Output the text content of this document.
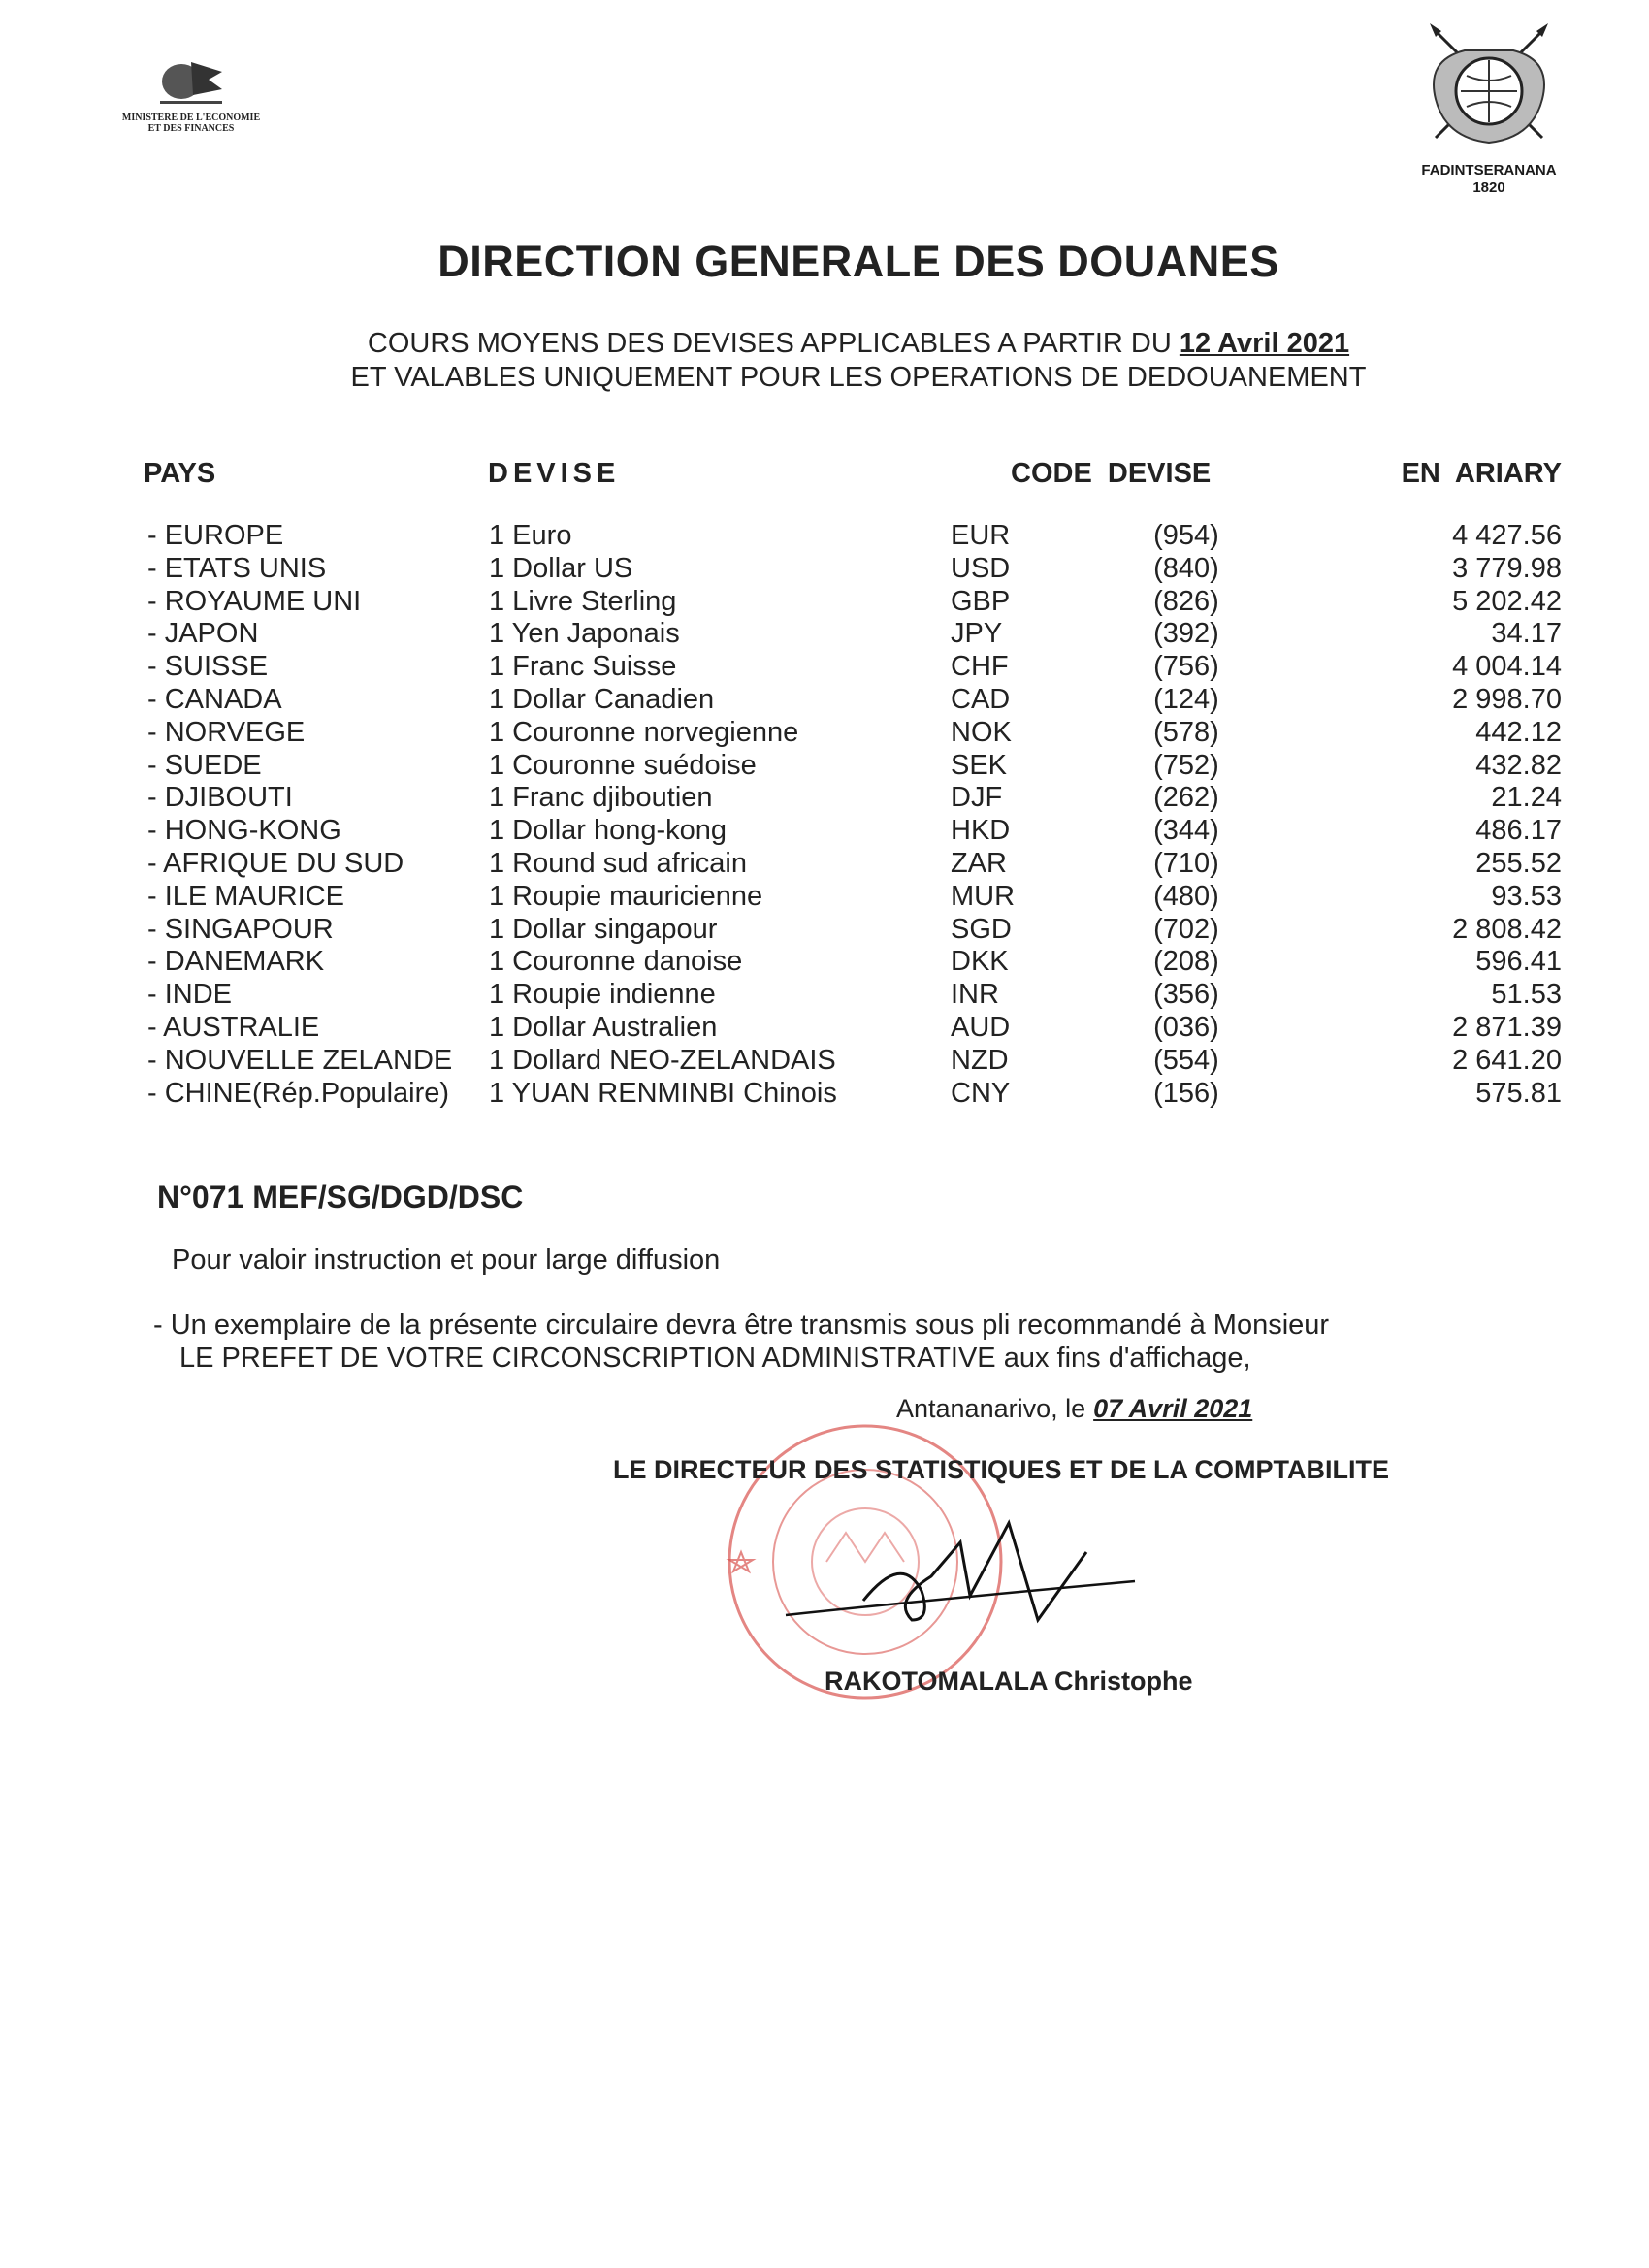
MINISTERE DE L'ECONOMIE
ET DES FINANCES
FADINTSERANANA
1820
DIRECTION GENERALE DES DOUANES
COURS MOYENS DES DEVISES APPLICABLES A PARTIR DU 12 Avril 2021
ET VALABLES UNIQUEMENT POUR LES OPERATIONS DE DEDOUANEMENT
PAYS	DEVISE	CODE  DEVISE	EN  ARIARY
- EUROPE	1 Euro	EUR	(954)	4 427.56
- ETATS UNIS	1 Dollar US	USD	(840)	3 779.98
- ROYAUME UNI	1 Livre Sterling	GBP	(826)	5 202.42
- JAPON	1 Yen Japonais	JPY	(392)	34.17
- SUISSE	1 Franc Suisse	CHF	(756)	4 004.14
- CANADA	1 Dollar Canadien	CAD	(124)	2 998.70
- NORVEGE	1 Couronne norvegienne	NOK	(578)	442.12
- SUEDE	1 Couronne suédoise	SEK	(752)	432.82
- DJIBOUTI	1 Franc djiboutien	DJF	(262)	21.24
- HONG-KONG	1 Dollar hong-kong	HKD	(344)	486.17
- AFRIQUE DU SUD	1 Round sud africain	ZAR	(710)	255.52
- ILE MAURICE	1 Roupie mauricienne	MUR	(480)	93.53
- SINGAPOUR	1 Dollar singapour	SGD	(702)	2 808.42
- DANEMARK	1 Couronne danoise	DKK	(208)	596.41
- INDE	1 Roupie indienne	INR	(356)	51.53
- AUSTRALIE	1 Dollar Australien	AUD	(036)	2 871.39
- NOUVELLE ZELANDE 1 Dollard NEO-ZELANDAIS	NZD	(554)	2 641.20
- CHINE(Rép.Populaire) 1 YUAN RENMINBI Chinois	CNY	(156)	575.81
N°071 MEF/SG/DGD/DSC
Pour valoir instruction et pour large diffusion
- Un exemplaire de la présente circulaire devra être transmis sous pli recommandé à Monsieur
LE PREFET DE VOTRE CIRCONSCRIPTION ADMINISTRATIVE aux fins d'affichage,
Antananarivo, le 07 Avril 2021
LE DIRECTEUR DES STATISTIQUES ET DE LA COMPTABILITE
RAKOTOMALALA Christophe
